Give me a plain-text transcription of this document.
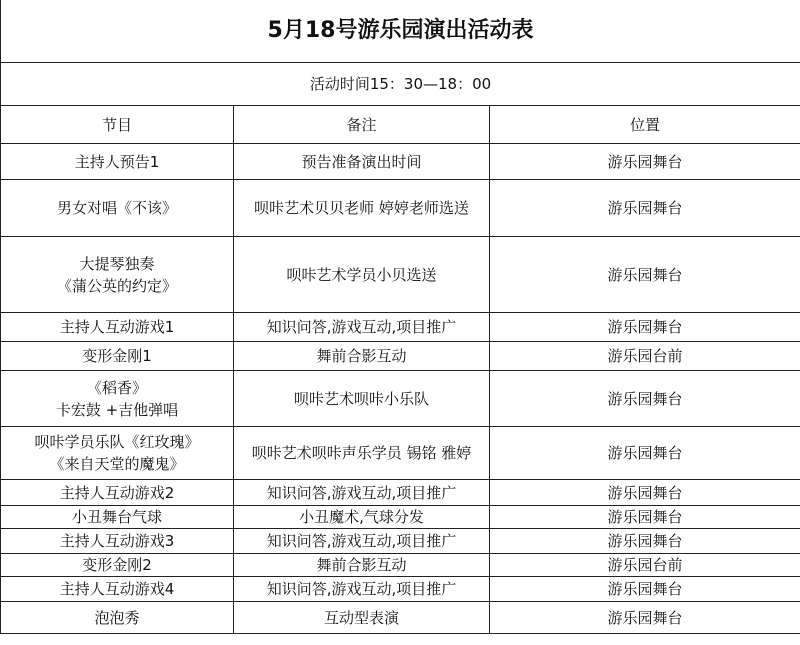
5月18号游乐园演出活动表		
活动时间15：30—18：00		
节目	备注	位置

主持人预告1	预告准备演出时间	游乐园舞台

男女对唱《不该》	呗咔艺术贝贝老师 婷婷老师选送	游乐园舞台

大提琴独奏
《蒲公英的约定》	呗咔艺术学员小贝选送	游乐园舞台

主持人互动游戏1	知识问答,游戏互动,项目推广	游乐园舞台

变形金刚1	舞前合影互动	游乐园台前

《稻香》
卡宏鼓 +吉他弹唱	呗咔艺术呗咔小乐队	游乐园舞台

呗咔学员乐队《红玫瑰》
《来自天堂的魔鬼》	呗咔艺术呗咔声乐学员 锡铭 雅婷	游乐园舞台

主持人互动游戏2	知识问答,游戏互动,项目推广	游乐园舞台

小丑舞台气球	小丑魔术,气球分发	游乐园舞台

主持人互动游戏3	知识问答,游戏互动,项目推广	游乐园舞台

变形金刚2	舞前合影互动	游乐园台前

主持人互动游戏4	知识问答,游戏互动,项目推广	游乐园舞台

泡泡秀	互动型表演	游乐园舞台
